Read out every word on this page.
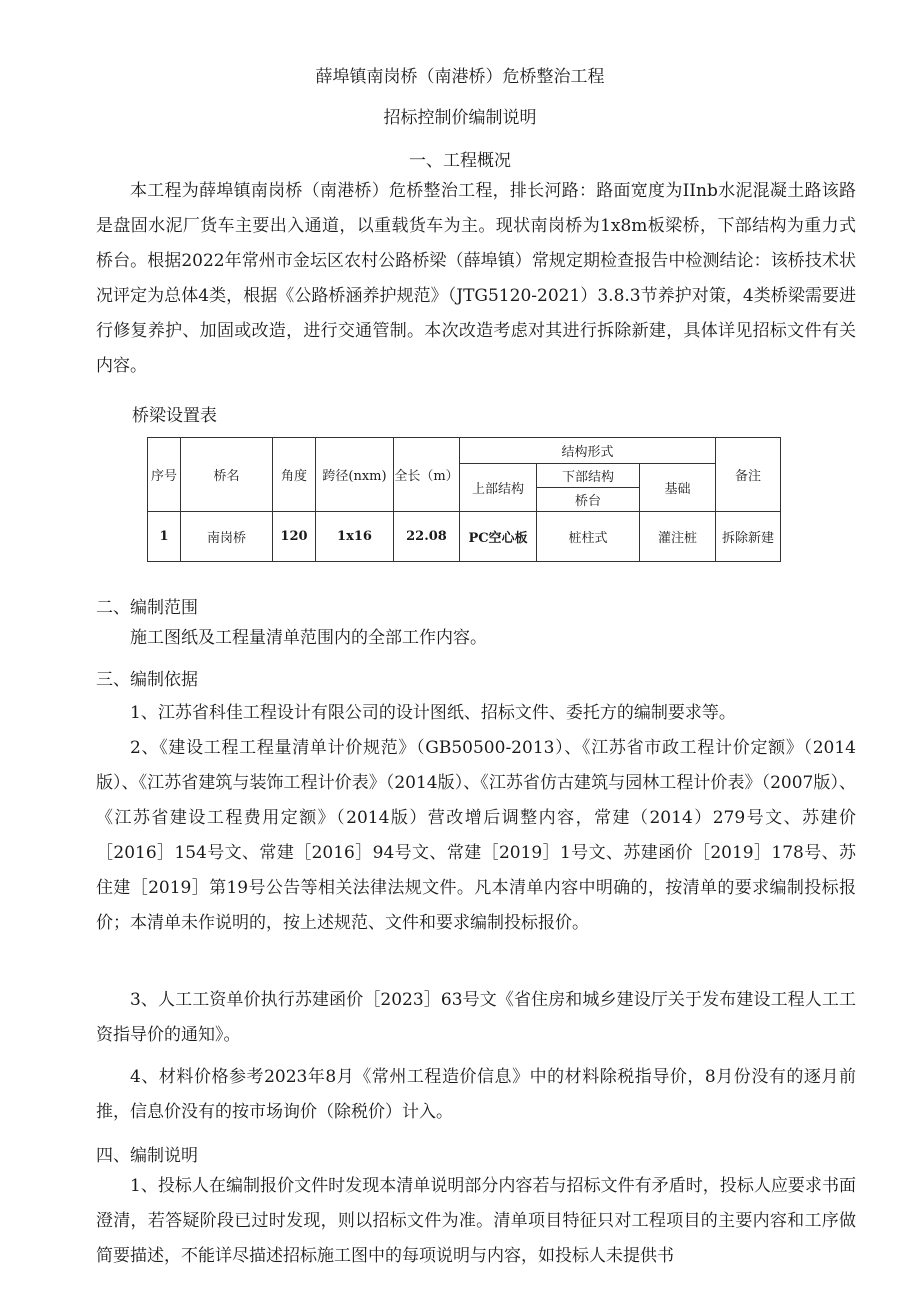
薛埠镇南岗桥（南港桥）危桥整治工程
招标控制价编制说明
一、工程概况

本工程为薛埠镇南岗桥（南港桥）危桥整治工程，排长河路：路面宽度为IInb水泥混凝土路该路是盘固水泥厂货车主要出入通道，以重载货车为主。现状南岗桥为1x8m板梁桥，下部结构为重力式桥台。根据2022年常州市金坛区农村公路桥梁（薛埠镇）常规定期检查报告中检测结论：该桥技术状况评定为总体4类，根据《公路桥涵养护规范》（JTG5120-2021）3.8.3节养护对策，4类桥梁需要进行修复养护、加固或改造，进行交通管制。本次改造考虑对其进行拆除新建，具体详见招标文件有关内容。

桥梁设置表
序号	桥名	角度	跨径(nxm)	全长（m）	结构形式			备注
					上部结构	下部结构	基础	
						桥台		
1	南岗桥	120	1x16	22.08	PC空心板	桩柱式	灌注桩	拆除新建
二、编制范围

施工图纸及工程量清单范围内的全部工作内容。

三、编制依据

1、江苏省科佳工程设计有限公司的设计图纸、招标文件、委托方的编制要求等。

2、《建设工程工程量清单计价规范》（GB50500-2013）、《江苏省市政工程计价定额》（2014版）、《江苏省建筑与装饰工程计价表》（2014版）、《江苏省仿古建筑与园林工程计价表》（2007版）、《江苏省建设工程费用定额》（2014版）营改增后调整内容，常建（2014）279号文、苏建价［2016］154号文、常建［2016］94号文、常建［2019］1号文、苏建函价［2019］178号、苏住建［2019］第19号公告等相关法律法规文件。凡本清单内容中明确的，按清单的要求编制投标报价；本清单未作说明的，按上述规范、文件和要求编制投标报价。

3、人工工资单价执行苏建函价［2023］63号文《省住房和城乡建设厅关于发布建设工程人工工资指导价的通知》。

4、材料价格参考2023年8月《常州工程造价信息》中的材料除税指导价，8月份没有的逐月前推，信息价没有的按市场询价（除税价）计入。

四、编制说明

1、投标人在编制报价文件时发现本清单说明部分内容若与招标文件有矛盾时，投标人应要求书面澄清，若答疑阶段已过时发现，则以招标文件为准。清单项目特征只对工程项目的主要内容和工序做简要描述，不能详尽描述招标施工图中的每项说明与内容，如投标人未提供书
